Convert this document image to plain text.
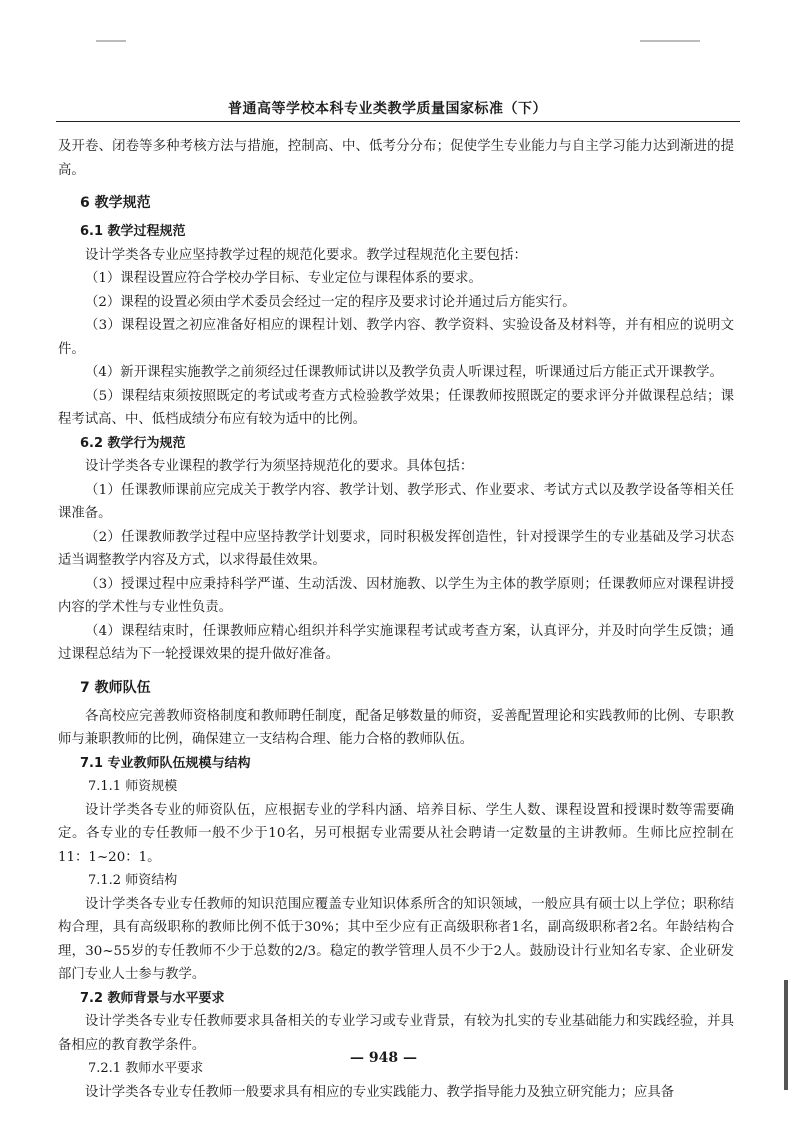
普通高等学校本科专业类教学质量国家标准（下）
及开卷、闭卷等多种考核方法与措施，控制高、中、低考分分布；促使学生专业能力与自主学习能力达到渐进的提高。
6 教学规范
6.1 教学过程规范
设计学类各专业应坚持教学过程的规范化要求。教学过程规范化主要包括：
（1）课程设置应符合学校办学目标、专业定位与课程体系的要求。
（2）课程的设置必须由学术委员会经过一定的程序及要求讨论并通过后方能实行。
（3）课程设置之初应准备好相应的课程计划、教学内容、教学资料、实验设备及材料等，并有相应的说明文件。
（4）新开课程实施教学之前须经过任课教师试讲以及教学负责人听课过程，听课通过后方能正式开课教学。
（5）课程结束须按照既定的考试或考查方式检验教学效果；任课教师按照既定的要求评分并做课程总结；课程考试高、中、低档成绩分布应有较为适中的比例。
6.2 教学行为规范
设计学类各专业课程的教学行为须坚持规范化的要求。具体包括：
（1）任课教师课前应完成关于教学内容、教学计划、教学形式、作业要求、考试方式以及教学设备等相关任课准备。
（2）任课教师教学过程中应坚持教学计划要求，同时积极发挥创造性，针对授课学生的专业基础及学习状态适当调整教学内容及方式，以求得最佳效果。
（3）授课过程中应秉持科学严谨、生动活泼、因材施教、以学生为主体的教学原则；任课教师应对课程讲授内容的学术性与专业性负责。
（4）课程结束时，任课教师应精心组织并科学实施课程考试或考查方案，认真评分，并及时向学生反馈；通过课程总结为下一轮授课效果的提升做好准备。
7 教师队伍
各高校应完善教师资格制度和教师聘任制度，配备足够数量的师资，妥善配置理论和实践教师的比例、专职教师与兼职教师的比例，确保建立一支结构合理、能力合格的教师队伍。
7.1 专业教师队伍规模与结构
7.1.1 师资规模
设计学类各专业的师资队伍，应根据专业的学科内涵、培养目标、学生人数、课程设置和授课时数等需要确定。各专业的专任教师一般不少于10名，另可根据专业需要从社会聘请一定数量的主讲教师。生师比应控制在11：1~20：1。
7.1.2 师资结构
设计学类各专业专任教师的知识范围应覆盖专业知识体系所含的知识领域，一般应具有硕士以上学位；职称结构合理，具有高级职称的教师比例不低于30%；其中至少应有正高级职称者1名，副高级职称者2名。年龄结构合理，30~55岁的专任教师不少于总数的2/3。稳定的教学管理人员不少于2人。鼓励设计行业知名专家、企业研发部门专业人士参与教学。
7.2 教师背景与水平要求
设计学类各专业专任教师要求具备相关的专业学习或专业背景，有较为扎实的专业基础能力和实践经验，并具备相应的教育教学条件。
7.2.1 教师水平要求
设计学类各专业专任教师一般要求具有相应的专业实践能力、教学指导能力及独立研究能力；应具备
— 948 —
